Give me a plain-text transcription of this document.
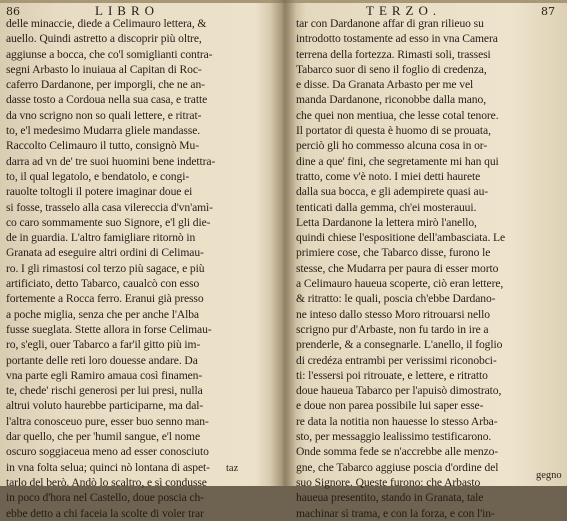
86	LIBRO
delle minaccie, diede a Celimauro lettera, &
auello. Quindi astretto a discoprir più oltre,
aggiunse a bocca, che co'l somiglianti contra-
segni Arbasto lo inuiaua al Capitan di Roc-
caferro Dardanone, per imporgli, che ne an-
dasse tosto a Cordoua nella sua casa, e tratte
da vno scrigno non so quali lettere, e ritrat-
to, e'l medesimo Mudarra gliele mandasse.
Raccolto Celimauro il tutto, consignò Mu-
darra ad vn de' tre suoi huomini bene indettra-
to, il qual legatolo, e bendatolo, e congi-
rauolte toltogli il potere imaginar doue ei
si fosse, trasselo alla casa vilereccia d'vn'amì-
co caro sommamente suo Signore, e'l gli die-
de in guardia. L'altro famigliare ritornò in
Granata ad eseguire altri ordini di Celimau-
ro. I gli rimastosi col terzo più sagace, e più
artificiato, detto Tabarco, caualcò con esso
fortemente a Rocca ferro. Eranui già presso
a poche miglia, senza che per anche l'Alba
fusse sueglata. Stette allora in forse Celimau-
ro, s'egli, ouer Tabarco a far'il gitto più im-
portante delle reti loro douesse andare. Da
vna parte egli Ramiro amaua così finamen-
te, chede' rischi generosi per lui presi, nulla
altrui voluto haurebbe participarne, ma dal-
l'altra conosceuo pure, esser buo senno man-
dar quello, che per 'humil sangue, e'l nome
oscuro soggiaceua meno ad esser conosciuto
in vna folta selua; quinci nò lontana di aspet-
tarlo del berò. Andò lo scaltro, e sì condusse
in poco d'hora nel Castello, doue poscia ch-
ebbe detto a chi faceia la scolte di voler trar
taz
TERZO.	87
tar con Dardanone affar di gran rilieuo su
introdotto tostamente ad esso in vna Camera
terrena della fortezza. Rimasti soli, trassesi
Tabarco suor di seno il foglio di credenza,
e disse. Da Granata Arbasto per me vel
manda Dardanone, riconobbe dalla mano,
che quei non mentiua, che lesse cotal tenore.
Il portator di questa è huomo di se prouata,
perciò gli ho commesso alcuna cosa in or-
dine a que' fini, che segretamente mi han qui
tratto, come v'è noto. I miei detti haurete
dalla sua bocca, e gli adempirete quasi au-
tenticati dalla gemma, ch'ei mosterauui.
Letta Dardanone la lettera mirò l'anello,
quindi chiese l'espositione dell'ambasciata. Le
primiere cose, che Tabarco disse, furono le
stesse, che Mudarra per paura di esser morto
a Celimauro haueua scoperte, ciò eran lettere,
& ritratto: le quali, poscia ch'ebbe Dardano-
ne inteso dallo stesso Moro ritrouarsi nello
scrigno pur d'Arbaste, non fu tardo in ire a
prenderle, & a consegnarle. L'anello, il foglio
di credéza entrambi per verissimi riconobci-
ti: l'essersi poi ritrouate, e lettere, e ritratto
doue haueua Tabarco per l'apuisò dimostrato,
e doue non parea possibile lui saper esse-
re data la notitia non hauesse lo stesso Arba-
sto, per messaggio lealissimo testificarono.
Onde somma fede se n'accrebbe alle menzo-
gne, che Tabarco aggiuse poscia d'ordine del
suo Signore. Queste furono: che Arbasto
haueua presentito, stando in Granata, tale
machinar sì trama, e con la forza, e con l'in-
gegno
